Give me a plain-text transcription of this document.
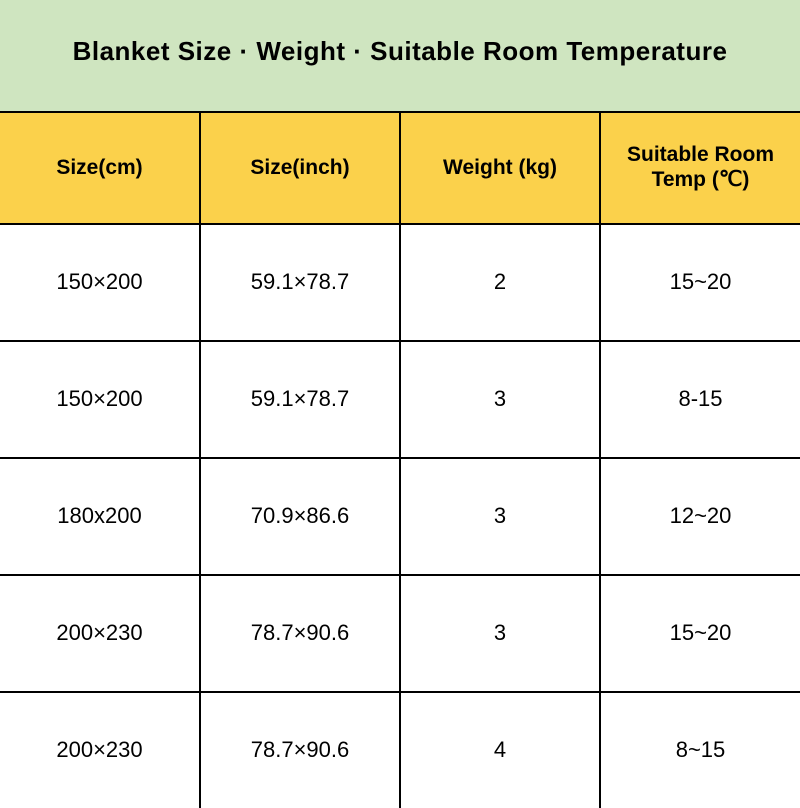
Blanket Size · Weight · Suitable Room Temperature			
Size(cm)	Size(inch)	Weight (kg)	Suitable Room Temp (℃)
150×200	59.1×78.7	2	15~20
150×200	59.1×78.7	3	8-15
180x200	70.9×86.6	3	12~20
200×230	78.7×90.6	3	15~20
200×230	78.7×90.6	4	8~15
